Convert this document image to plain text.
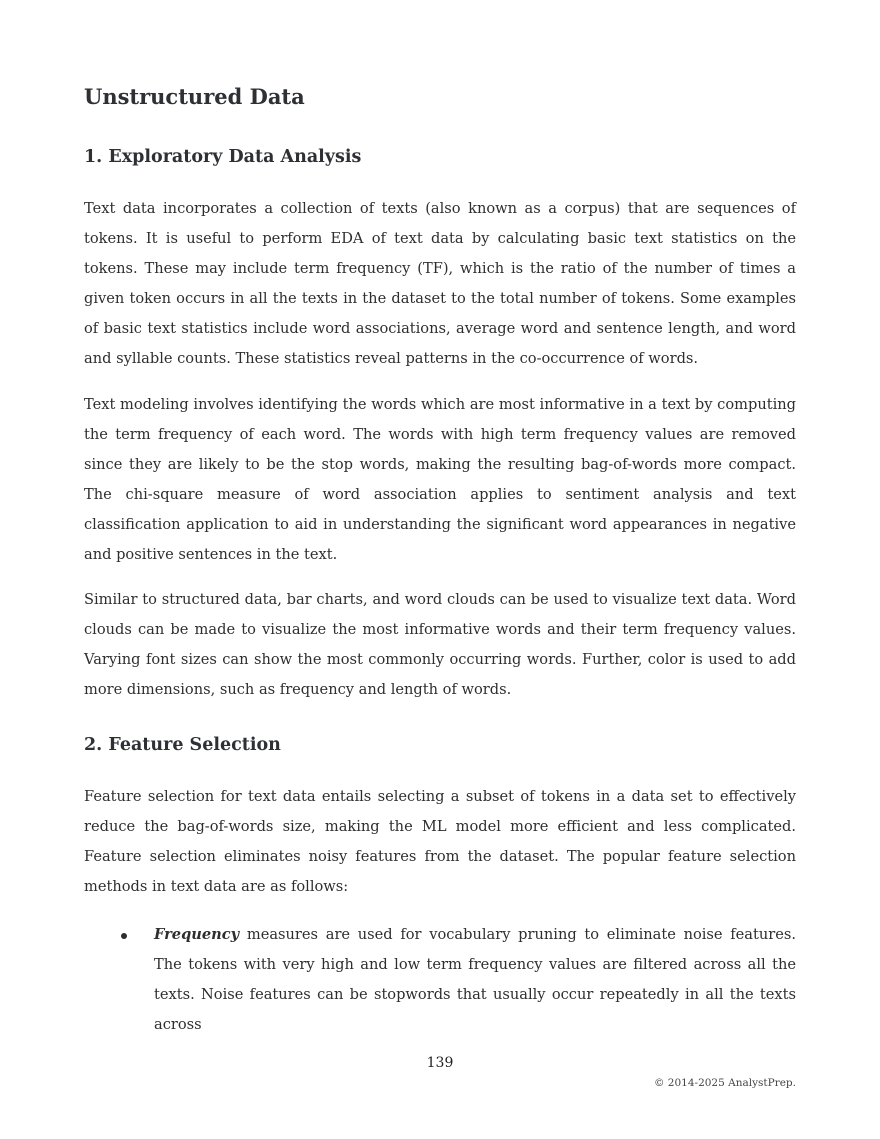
Unstructured Data
1. Exploratory Data Analysis

Text data incorporates a collection of texts (also known as a corpus) that are sequences of tokens. It is useful to perform EDA of text data by calculating basic text statistics on the tokens. These may include term frequency (TF), which is the ratio of the number of times a given token occurs in all the texts in the dataset to the total number of tokens. Some examples of basic text statistics include word associations, average word and sentence length, and word and syllable counts. These statistics reveal patterns in the co-occurrence of words.

Text modeling involves identifying the words which are most informative in a text by computing the term frequency of each word. The words with high term frequency values are removed since they are likely to be the stop words, making the resulting bag-of-words more compact. The chi-square measure of word association applies to sentiment analysis and text classification application to aid in understanding the significant word appearances in negative and positive sentences in the text.

Similar to structured data, bar charts, and word clouds can be used to visualize text data. Word clouds can be made to visualize the most informative words and their term frequency values. Varying font sizes can show the most commonly occurring words. Further, color is used to add more dimensions, such as frequency and length of words.

2. Feature Selection

Feature selection for text data entails selecting a subset of tokens in a data set to effectively reduce the bag-of-words size, making the ML model more efficient and less complicated. Feature selection eliminates noisy features from the dataset. The popular feature selection methods in text data are as follows:

Frequency measures are used for vocabulary pruning to eliminate noise features. The tokens with very high and low term frequency values are filtered across all the texts. Noise features can be stopwords that usually occur repeatedly in all the texts across
139
© 2014-2025 AnalystPrep.
